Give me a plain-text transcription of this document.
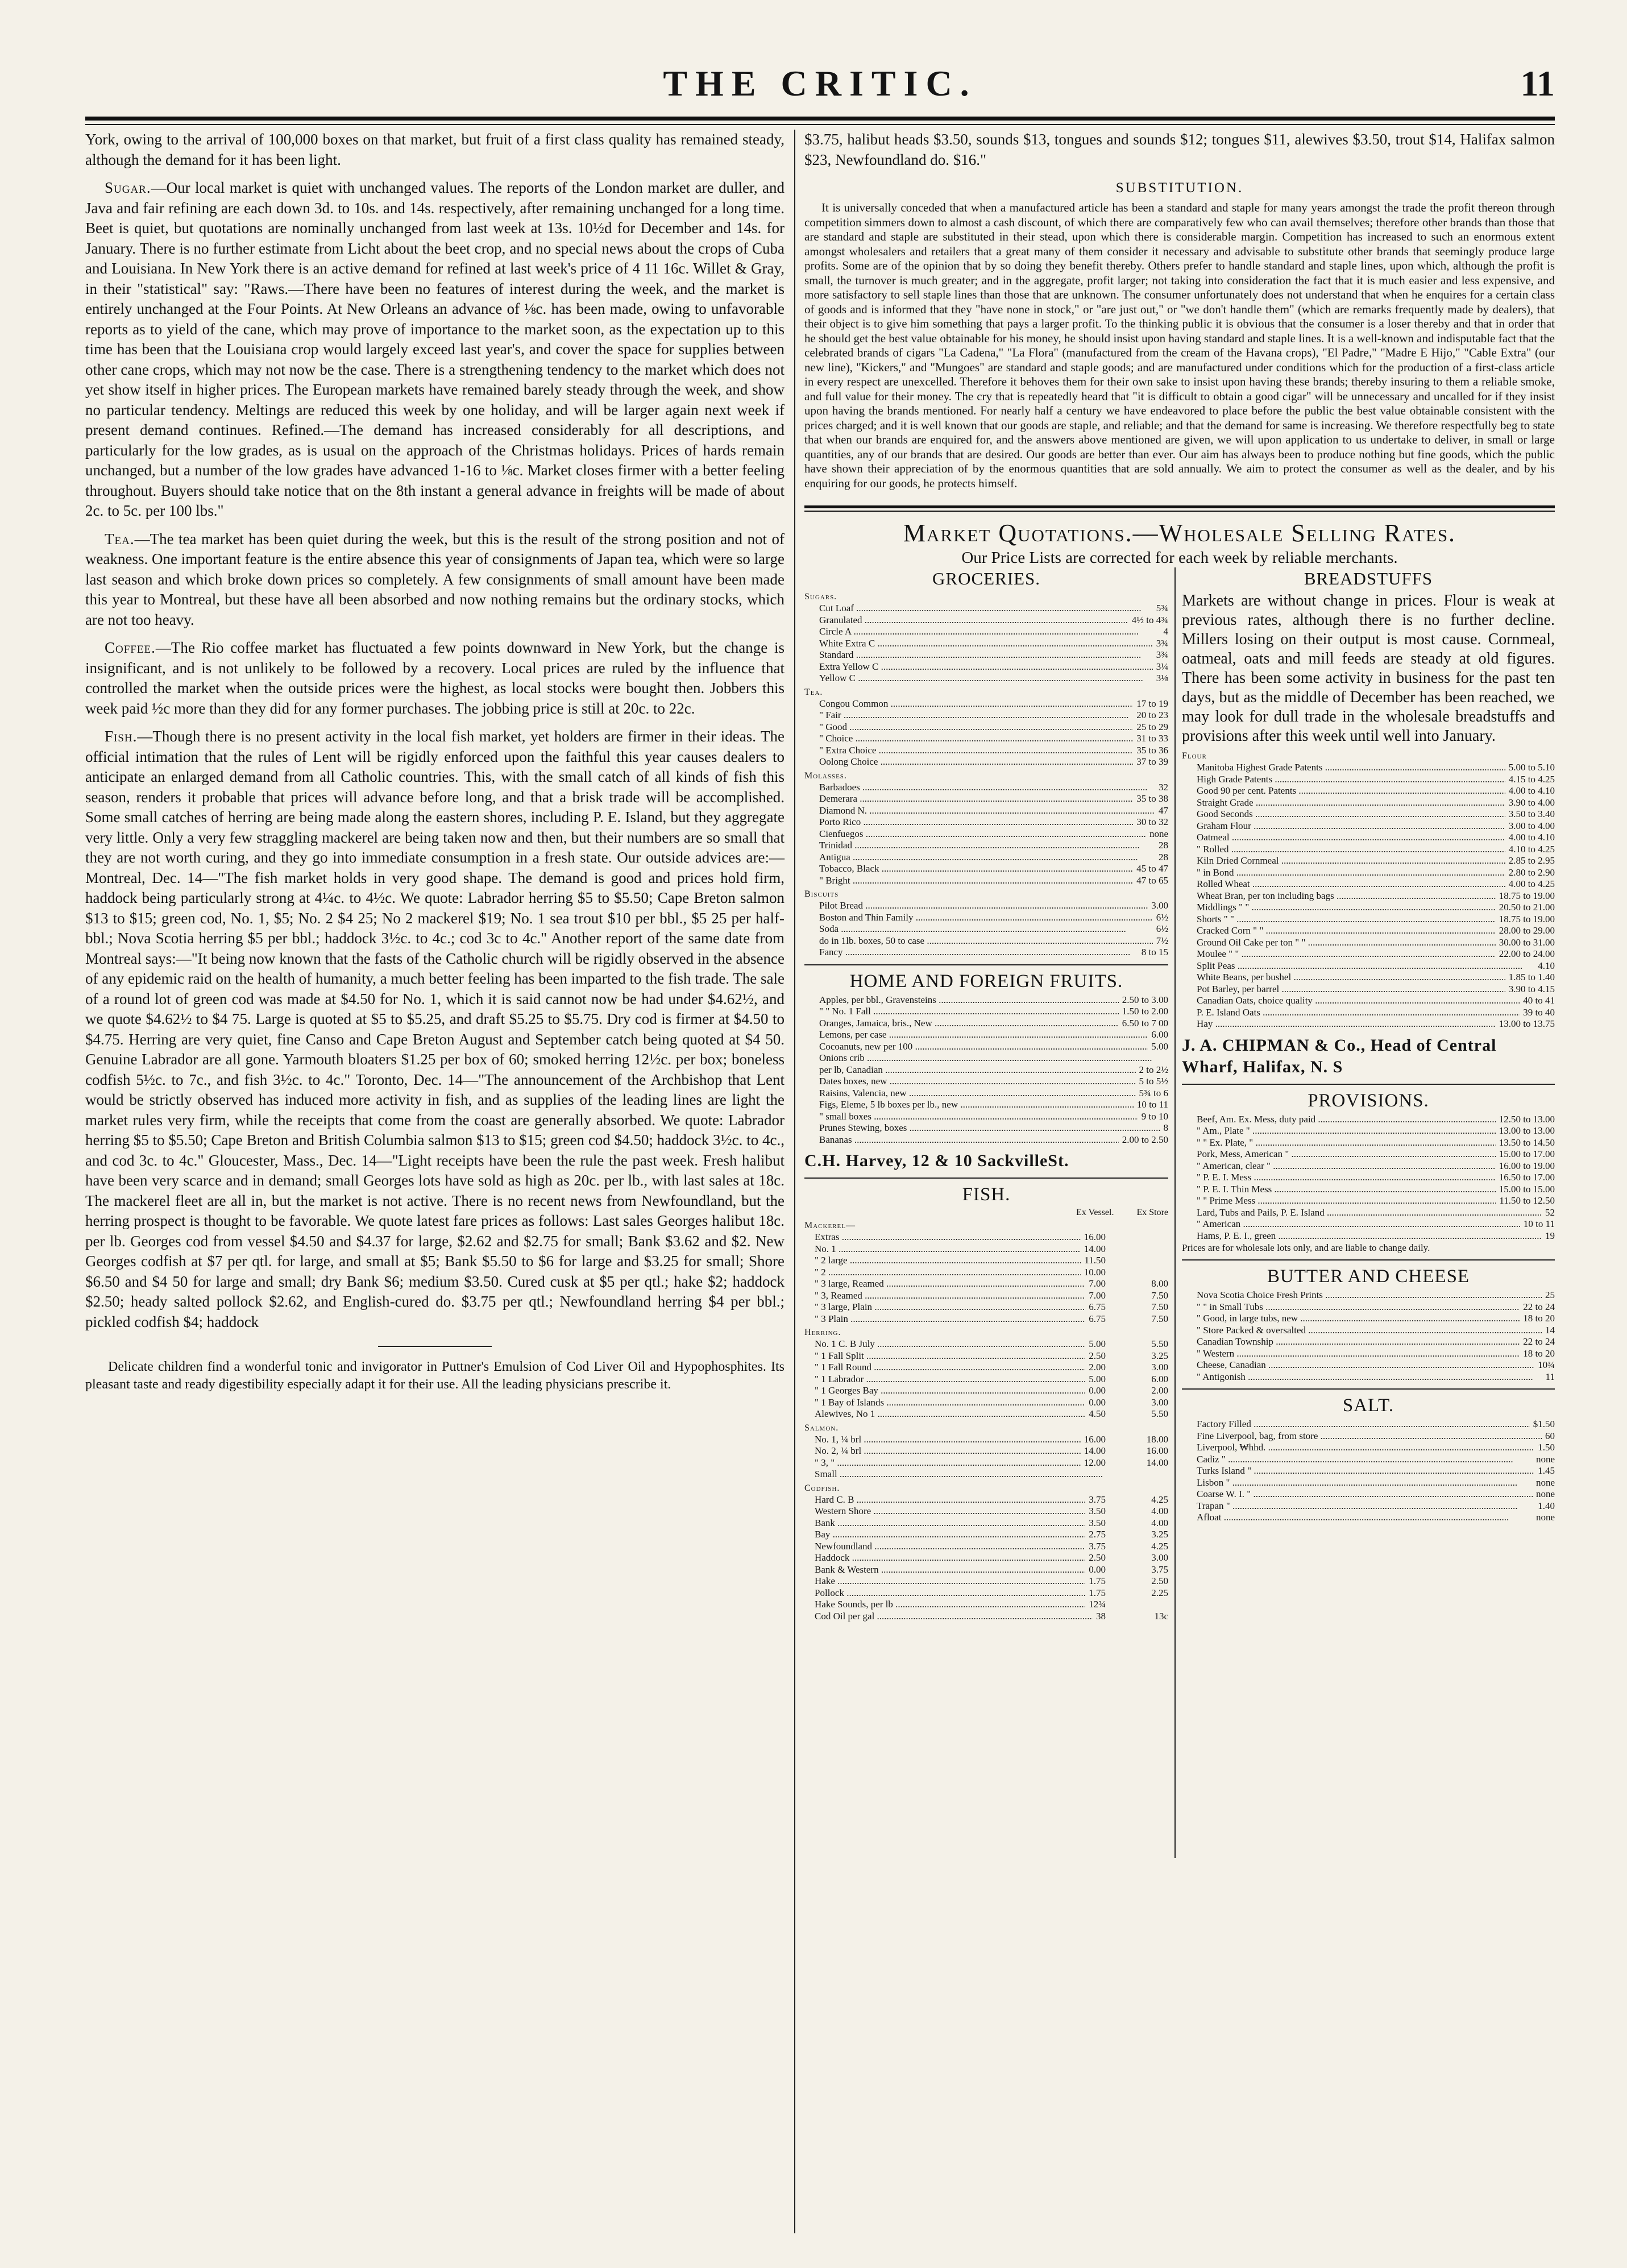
THE CRITIC.	11

York, owing to the arrival of 100,000 boxes on that market, but fruit of a first class quality has remained steady, although the demand for it has been light.

Sugar.—Our local market is quiet with unchanged values. The reports of the London market are duller, and Java and fair refining are each down 3d. to 10s. and 14s. respectively, after remaining unchanged for a long time. Beet is quiet, but quotations are nominally unchanged from last week at 13s. 10½d for December and 14s. for January. There is no further estimate from Licht about the beet crop, and no special news about the crops of Cuba and Louisiana. In New York there is an active demand for refined at last week's price of 4 11 16c. Willet & Gray, in their "statistical" say: "Raws.—There have been no features of interest during the week, and the market is entirely unchanged at the Four Points. At New Orleans an advance of ⅛c. has been made, owing to unfavorable reports as to yield of the cane, which may prove of importance to the market soon, as the expectation up to this time has been that the Louisiana crop would largely exceed last year's, and cover the space for supplies between other cane crops, which may not now be the case. There is a strengthening tendency to the market which does not yet show itself in higher prices. The European markets have remained barely steady through the week, and show no particular tendency. Meltings are reduced this week by one holiday, and will be larger again next week if present demand continues. Refined.—The demand has increased considerably for all descriptions, and particularly for the low grades, as is usual on the approach of the Christmas holidays. Prices of hards remain unchanged, but a number of the low grades have advanced 1-16 to ⅛c. Market closes firmer with a better feeling throughout. Buyers should take notice that on the 8th instant a general advance in freights will be made of about 2c. to 5c. per 100 lbs."

Tea.—The tea market has been quiet during the week, but this is the result of the strong position and not of weakness. One important feature is the entire absence this year of consignments of Japan tea, which were so large last season and which broke down prices so completely. A few consignments of small amount have been made this year to Montreal, but these have all been absorbed and now nothing remains but the ordinary stocks, which are not too heavy.

Coffee.—The Rio coffee market has fluctuated a few points downward in New York, but the change is insignificant, and is not unlikely to be followed by a recovery. Local prices are ruled by the influence that controlled the market when the outside prices were the highest, as local stocks were bought then. Jobbers this week paid ½c more than they did for any former purchases. The jobbing price is still at 20c. to 22c.

Fish.—Though there is no present activity in the local fish market, yet holders are firmer in their ideas. The official intimation that the rules of Lent will be rigidly enforced upon the faithful this year causes dealers to anticipate an enlarged demand from all Catholic countries. This, with the small catch of all kinds of fish this season, renders it probable that prices will advance before long, and that a brisk trade will be accomplished. Some small catches of herring are being made along the eastern shores, including P. E. Island, but they aggregate very little. Only a very few straggling mackerel are being taken now and then, but their numbers are so small that they are not worth curing, and they go into immediate consumption in a fresh state. Our outside advices are:—Montreal, Dec. 14—"The fish market holds in very good shape. The demand is good and prices hold firm, haddock being particularly strong at 4¼c. to 4½c. We quote: Labrador herring $5 to $5.50; Cape Breton salmon $13 to $15; green cod, No. 1, $5; No. 2 $4 25; No 2 mackerel $19; No. 1 sea trout $10 per bbl., $5 25 per half-bbl.; Nova Scotia herring $5 per bbl.; haddock 3½c. to 4c.; cod 3c to 4c." Another report of the same date from Montreal says:—"It being now known that the fasts of the Catholic church will be rigidly observed in the absence of any epidemic raid on the health of humanity, a much better feeling has been imparted to the fish trade. The sale of a round lot of green cod was made at $4.50 for No. 1, which it is said cannot now be had under $4.62½, and we quote $4.62½ to $4 75. Large is quoted at $5 to $5.25, and draft $5.25 to $5.75. Dry cod is firmer at $4.50 to $4.75. Herring are very quiet, fine Canso and Cape Breton August and September catch being quoted at $4 50. Genuine Labrador are all gone. Yarmouth bloaters $1.25 per box of 60; smoked herring 12½c. per box; boneless codfish 5½c. to 7c., and fish 3½c. to 4c." Toronto, Dec. 14—"The announcement of the Archbishop that Lent would be strictly observed has induced more activity in fish, and as supplies of the leading lines are light the market rules very firm, while the receipts that come from the coast are generally absorbed. We quote: Labrador herring $5 to $5.50; Cape Breton and British Columbia salmon $13 to $15; green cod $4.50; haddock 3½c. to 4c., and cod 3c. to 4c." Gloucester, Mass., Dec. 14—"Light receipts have been the rule the past week. Fresh halibut have been very scarce and in demand; small Georges lots have sold as high as 20c. per lb., with last sales at 18c. The mackerel fleet are all in, but the market is not active. There is no recent news from Newfoundland, but the herring prospect is thought to be favorable. We quote latest fare prices as follows: Last sales Georges halibut 18c. per lb. Georges cod from vessel $4.50 and $4.37 for large, $2.62 and $2.75 for small; Bank $3.62 and $2. New Georges codfish at $7 per qtl. for large, and small at $5; Bank $5.50 to $6 for large and $3.25 for small; Shore $6.50 and $4 50 for large and small; dry Bank $6; medium $3.50. Cured cusk at $5 per qtl.; hake $2; haddock $2.50; heady salted pollock $2.62, and English-cured do. $3.75 per qtl.; Newfoundland herring $4 per bbl.; pickled codfish $4; haddock

Delicate children find a wonderful tonic and invigorator in Puttner's Emulsion of Cod Liver Oil and Hypophosphites. Its pleasant taste and ready digestibility especially adapt it for their use. All the leading physicians prescribe it.

$3.75, halibut heads $3.50, sounds $13, tongues and sounds $12; tongues $11, alewives $3.50, trout $14, Halifax salmon $23, Newfoundland do. $16."

SUBSTITUTION.

It is universally conceded that when a manufactured article has been a standard and staple for many years amongst the trade the profit thereon through competition simmers down to almost a cash discount, of which there are comparatively few who can avail themselves; therefore other brands than those that are standard and staple are substituted in their stead, upon which there is considerable margin. Competition has increased to such an enormous extent amongst wholesalers and retailers that a great many of them consider it necessary and advisable to substitute other brands that seemingly produce large profits. Some are of the opinion that by so doing they benefit thereby. Others prefer to handle standard and staple lines, upon which, although the profit is small, the turnover is much greater; and in the aggregate, profit larger; not taking into consideration the fact that it is much easier and less expensive, and more satisfactory to sell staple lines than those that are unknown. The consumer unfortunately does not understand that when he enquires for a certain class of goods and is informed that they "have none in stock," or "are just out," or "we don't handle them" (which are remarks frequently made by dealers), that their object is to give him something that pays a larger profit. To the thinking public it is obvious that the consumer is a loser thereby and that in order that he should get the best value obtainable for his money, he should insist upon having standard and staple lines. It is a well-known and indisputable fact that the celebrated brands of cigars "La Cadena," "La Flora" (manufactured from the cream of the Havana crops), "El Padre," "Madre E Hijo," "Cable Extra" (our new line), "Kickers," and "Mungoes" are standard and staple goods; and are manufactured under conditions which for the production of a first-class article in every respect are unexcelled. Therefore it behoves them for their own sake to insist upon having these brands; thereby insuring to them a reliable smoke, and full value for their money. The cry that is repeatedly heard that "it is difficult to obtain a good cigar" will be unnecessary and uncalled for if they insist upon having the brands mentioned. For nearly half a century we have endeavored to place before the public the best value obtainable consistent with the prices charged; and it is well known that our goods are staple, and reliable; and that the demand for same is increasing. We therefore respectfully beg to state that when our brands are enquired for, and the answers above mentioned are given, we will upon application to us undertake to deliver, in small or large quantities, any of our brands that are desired. Our goods are better than ever. Our aim has always been to produce nothing but fine goods, which the public have shown their appreciation of by the enormous quantities that are sold annually. We aim to protect the consumer as well as the dealer, and by his enquiring for our goods, he protects himself.

Market Quotations.—Wholesale Selling Rates.
Our Price Lists are corrected for each week by reliable merchants.
GROCERIES.
Sugars.
Cut Loaf .....	5¾
Granulated .....	4½ to 4¾
Circle A .....	4
White Extra C .....	3¾
Standard .....	3¾
Extra Yellow C .....	3¼
Yellow C .....	3⅛
Tea.
Congou Common .....	17 to 19
" Fair .....	20 to 23
" Good .....	25 to 29
" Choice .....	31 to 33
" Extra Choice .....	35 to 36
Oolong Choice .....	37 to 39
Molasses.
Barbadoes .....	32
Demerara .....	35 to 38
Diamond N. .....	47
Porto Rico .....	30 to 32
Cienfuegos .....	none
Trinidad .....	28
Antigua .....	28
Tobacco, Black .....	45 to 47
" Bright .....	47 to 65
Biscuits
Pilot Bread .....	3.00
Boston and Thin Family .....	6½
Soda .....	6½
do in 1lb. boxes, 50 to case .....	7½
Fancy .....	8 to 15
HOME AND FOREIGN FRUITS.
Apples, per bbl., Gravensteins .....	2.50 to 3.00
" " No. 1 Fall .....	1.50 to 2.00
Oranges, Jamaica, bris., New .....	6.50 to 7 00
Lemons, per case .....	6.00
Cocoanuts, new per 100 .....	5.00
Onions crib .....
per lb, Canadian .....	2 to 2½
Dates boxes, new .....	5 to 5½
Raisins, Valencia, new .....	5¾ to 6
Figs, Eleme, 5 lb boxes per lb., new .....	10 to 11
" small boxes .....	9 to 10
Prunes Stewing, boxes .....	8
Bananas .....	2.00 to 2.50
C.H. Harvey, 12 & 10 SackvilleSt.
FISH.
Ex Vessel.	Ex Store
Mackerel—
Extras .....	16.00
No. 1 .....	14.00
" 2 large .....	11.50
" 2 .....	10.00
" 3 large, Reamed .....	7.00	8.00
" 3, Reamed .....	7.00	7.50
" 3 large, Plain .....	6.75	7.50
" 3 Plain .....	6.75	7.50
Herring.
No. 1 C. B July .....	5.00	5.50
" 1 Fall Split .....	2.50	3.25
" 1 Fall Round .....	2.00	3.00
" 1 Labrador .....	5.00	6.00
" 1 Georges Bay .....	0.00	2.00
" 1 Bay of Islands .....	0.00	3.00
Alewives, No 1 .....	4.50	5.50
Salmon.
No. 1, ¼ brl .....	16.00	18.00
No. 2, ¼ brl .....	14.00	16.00
" 3, " .....	12.00	14.00
Small .....
Codfish.
Hard C. B .....	3.75	4.25
Western Shore .....	3.50	4.00
Bank .....	3.50	4.00
Bay .....	2.75	3.25
Newfoundland .....	3.75	4.25
Haddock .....	2.50	3.00
Bank & Western .....	0.00	3.75
Hake .....	1.75	2.50
Pollock .....	1.75	2.25
Hake Sounds, per lb .....	12¾
Cod Oil per gal .....	38	13c
BREADSTUFFS

Markets are without change in prices. Flour is weak at previous rates, although there is no further decline. Millers losing on their output is most cause. Cornmeal, oatmeal, oats and mill feeds are steady at old figures. There has been some activity in business for the past ten days, but as the middle of December has been reached, we may look for dull trade in the wholesale breadstuffs and provisions after this week until well into January.

Flour
Manitoba Highest Grade Patents .....	5.00 to 5.10
High Grade Patents .....	4.15 to 4.25
Good 90 per cent. Patents .....	4.00 to 4.10
Straight Grade .....	3.90 to 4.00
Good Seconds .....	3.50 to 3.40
Graham Flour .....	3.00 to 4.00
Oatmeal .....	4.00 to 4.10
" Rolled .....	4.10 to 4.25
Kiln Dried Cornmeal .....	2.85 to 2.95
" in Bond .....	2.80 to 2.90
Rolled Wheat .....	4.00 to 4.25
Wheat Bran, per ton including bags .....	18.75 to 19.00
Middlings " " .....	20.50 to 21.00
Shorts " " .....	18.75 to 19.00
Cracked Corn " " .....	28.00 to 29.00
Ground Oil Cake per ton " " .....	30.00 to 31.00
Moulee " " .....	22.00 to 24.00
Split Peas .....	4.10
White Beans, per bushel .....	1.85 to 1.40
Pot Barley, per barrel .....	3.90 to 4.15
Canadian Oats, choice quality .....	40 to 41
P. E. Island Oats .....	39 to 40
Hay .....	13.00 to 13.75
J. A. CHIPMAN & Co., Head of Central Wharf, Halifax, N. S
PROVISIONS.
Beef, Am. Ex. Mess, duty paid .....	12.50 to 13.00
" Am., Plate " .....	13.00 to 13.00
" " Ex. Plate, " .....	13.50 to 14.50
Pork, Mess, American " .....	15.00 to 17.00
" American, clear " .....	16.00 to 19.00
" P. E. I. Mess .....	16.50 to 17.00
" P. E. I. Thin Mess .....	15.00 to 15.00
" " Prime Mess .....	11.50 to 12.50
Lard, Tubs and Pails, P. E. Island .....	52
" American .....	10 to 11
Hams, P. E. I., green .....	19
Prices are for wholesale lots only, and are liable to change daily.
BUTTER AND CHEESE
Nova Scotia Choice Fresh Prints .....	25
" " in Small Tubs .....	22 to 24
" Good, in large tubs, new .....	18 to 20
" Store Packed & oversalted .....	14
Canadian Township .....	22 to 24
" Western .....	18 to 20
Cheese, Canadian .....	10¾
" Antigonish .....	11
SALT.
Factory Filled .....	$1.50
Fine Liverpool, bag, from store .....	60
Liverpool, ₩hhd. .....	1.50
Cadiz " .....	none
Turks Island " .....	1.45
Lisbon " .....	none
Coarse W. I. " .....	none
Trapan " .....	1.40
Afloat .....	none
